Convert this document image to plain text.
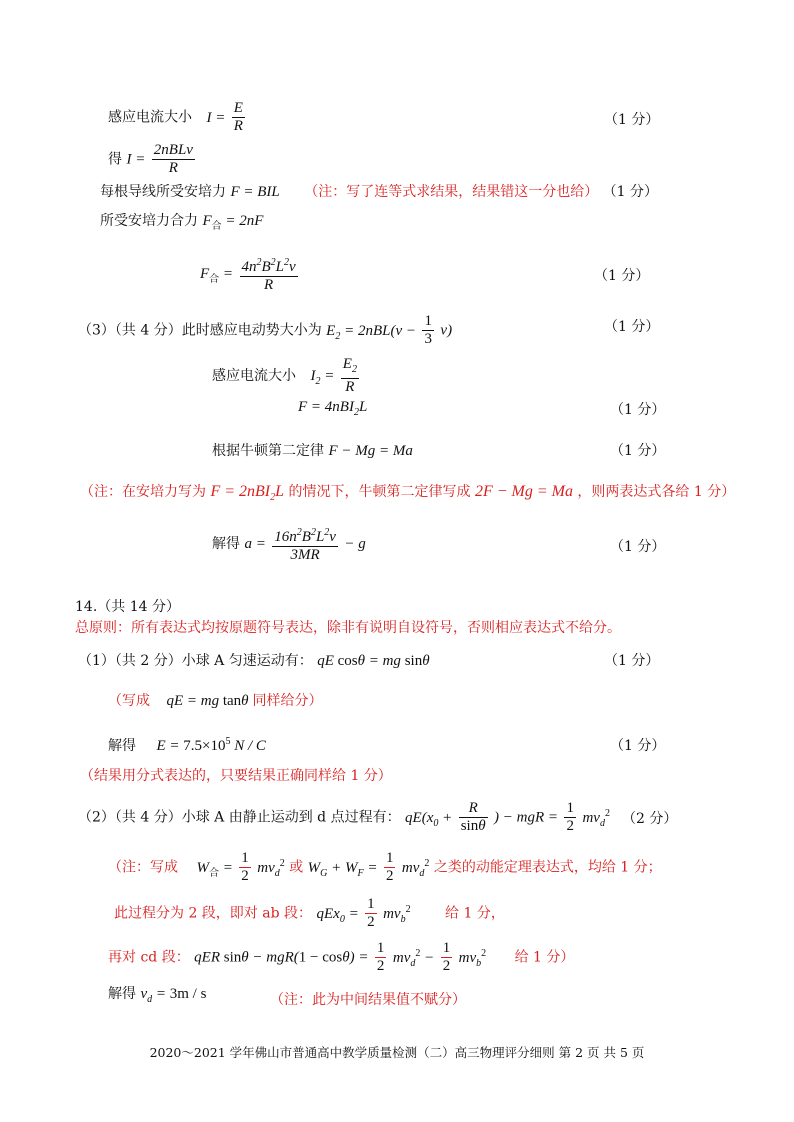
感应电流大小 $I = \frac{E}{R}$	（1 分）
得 $I = \frac{\text{2nBLv}}{R}$
每根导线所受安培力 F = BIL （注：写了连等式求结果，结果错这一分也给） （1 分）
所受安培力合力 $F_合 = 2nF$
$F_合 = \frac{4n^2B^2L^2v}{R}$	（1 分）
（3）（共 4 分）此时感应电动势大小为 $E_2 = 2nBL(v - \frac{1}{3} v)$	（1 分）
感应电流大小 $I_2 = \frac{E_2}{R}$
F = 4nBI$_2$L	（1 分）
根据牛顿第二定律 F − Mg = Ma	（1 分）
（注：在安培力写为 F = 2nBI$_2$L 的情况下，牛顿第二定律写成 2F − Mg = Ma ，则两表达式各给 1 分）
解得 $a = \frac{16n^2B^2L^2v}{3MR} - g$	（1 分）
14.（共 14 分）
总原则：所有表达式均按原题符号表达，除非有说明自设符号，否则相应表达式不给分。
（1）（共 2 分）小球 A 匀速运动有： qE cosθ = mg sinθ	（1 分）
（写成 qE = mg tanθ 同样给分）
解得 $E = 7.5\times 10^5$ N / C	（1 分）
（结果用分式表达的，只要结果正确同样给 1 分）
（2）（共 4 分）小球 A 由静止运动到 d 点过程有： $qE(x_0 + \frac{R}{\sin\theta}$ ) − mgR = $\frac{1}{2} mv_d^2$ （2 分）
（注：写成 $W_合 = \frac{1}{2} mv_d^2$ 或 $W_G + W_F = \frac{1}{2} mv_d^2$ 之类的动能定理表达式，均给 1 分；
此过程分为 2 段，即对 ab 段： $qEx_0 = \frac{1}{2} mv_b^2$ 给 1 分，
再对 cd 段： qER $\sin\theta - mgR(1 - \cos\theta) = \frac{1}{2} mv_d^2 - \frac{1}{2} mv_b^2$ 给 1 分）
解得 $v_d = 3m / s$	（注：此为中间结果值不赋分）
2020～2021 学年佛山市普通高中教学质量检测（二）高三物理评分细则 第 2 页 共 5 页
